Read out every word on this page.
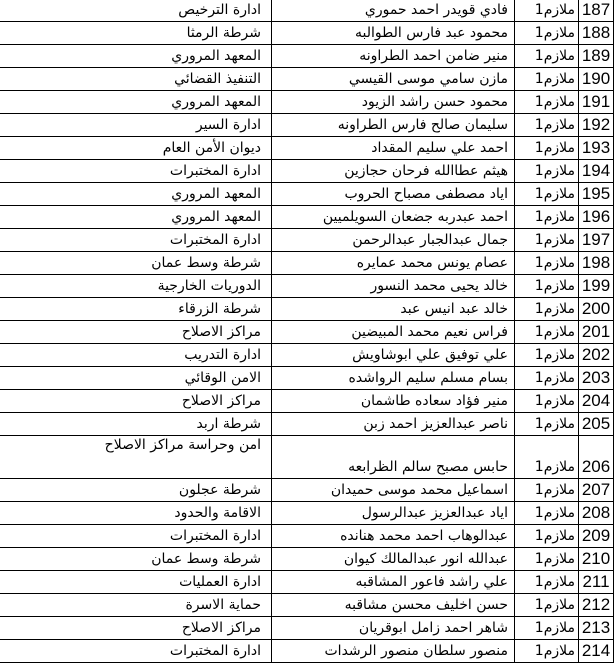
187	ملازم1	فادي قويدر احمد حموري	ادارة الترخيص
188	ملازم1	محمود عبد فارس الطوالبه	شرطة الرمثا
189	ملازم1	منير ضامن احمد الطراونه	المعهد المروري
190	ملازم1	مازن سامي موسى القيسي	التنفيذ القضائي
191	ملازم1	محمود حسن راشد الزيود	المعهد المروري
192	ملازم1	سليمان صالح فارس الطراونه	ادارة السير
193	ملازم1	احمد علي سليم المقداد	ديوان الأمن العام
194	ملازم1	هيثم عطاالله فرحان حجازين	ادارة المختبرات
195	ملازم1	اياد مصطفى مصباح الحروب	المعهد المروري
196	ملازم1	احمد عبدربه جضعان السويلميين	المعهد المروري
197	ملازم1	جمال عبدالجبار عبدالرحمن	ادارة المختبرات
198	ملازم1	عصام يونس محمد عمايره	شرطة وسط عمان
199	ملازم1	خالد يحيى محمد النسور	الدوريات الخارجية
200	ملازم1	خالد عبد انيس عبد	شرطة الزرقاء
201	ملازم1	فراس نعيم محمد المبيضين	مراكز الاصلاح
202	ملازم1	علي توفيق علي ابوشاويش	ادارة التدريب
203	ملازم1	بسام مسلم سليم الرواشده	الامن الوقائي
204	ملازم1	منير فؤاد سعاده طاشمان	مراكز الاصلاح
205	ملازم1	ناصر عبدالعزيز احمد زبن	شرطة اربد
206	ملازم1	حابس مصبح سالم الظرابعه	امن وحراسة مراكز الاصلاح
207	ملازم1	اسماعيل محمد موسى حميدان	شرطة عجلون
208	ملازم1	اياد عبدالعزيز عبدالرسول	الاقامة والحدود
209	ملازم1	عبدالوهاب احمد محمد هنانده	ادارة المختبرات
210	ملازم1	عبدالله انور عبدالمالك كيوان	شرطة وسط عمان
211	ملازم1	علي راشد فاعور المشاقبه	ادارة العمليات
212	ملازم1	حسن اخليف محسن مشاقبه	حماية الاسرة
213	ملازم1	شاهر احمد زامل ابوقريان	مراكز الاصلاح
214	ملازم1	منصور سلطان منصور الرشدات	ادارة المختبرات
